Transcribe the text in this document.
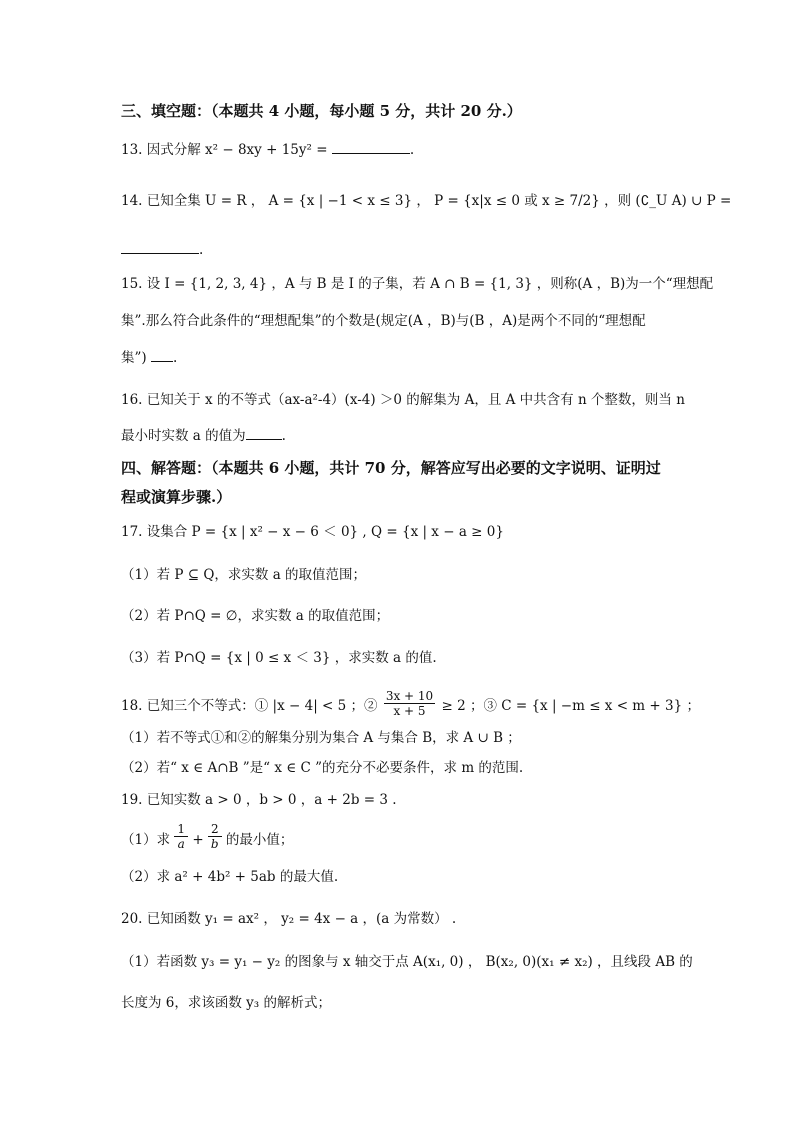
三、填空题：（本题共 4 小题，每小题 5 分，共计 20 分.）
13. 因式分解 x² − 8xy + 15y² =	.
14. 已知全集 U = R ， A = {x | −1 < x ≤ 3} ， P = {x|x ≤ 0 或 x ≥ 7/2} ，则 (∁_U A) ∪ P =
.
15. 设 I = {1, 2, 3, 4} ，A 与 B 是 I 的子集，若 A ∩ B = {1, 3} ，则称(A ，B)为一个“理想配
集”.那么符合此条件的“理想配集”的个数是(规定(A ，B)与(B ，A)是两个不同的“理想配
集”) .
16. 已知关于 x 的不等式（ax-a²-4）(x-4) ＞0 的解集为 A，且 A 中共含有 n 个整数，则当 n
最小时实数 a 的值为	.
四、解答题：（本题共 6 小题，共计 70 分，解答应写出必要的文字说明、证明过
程或演算步骤.）
17. 设集合 P = {x | x² − x − 6 ＜ 0} , Q = {x | x − a ≥ 0}
（1）若 P ⊆ Q，求实数 a 的取值范围；
（2）若 P∩Q = ∅，求实数 a 的取值范围；
（3）若 P∩Q = {x | 0 ≤ x ＜ 3} ，求实数 a 的值.
18. 已知三个不等式：① |x − 4| < 5 ；② $\frac{3x + 10}{x + 5} \ge 2$ ；③ C = {x | −m ≤ x < m + 3} ；
（1）若不等式①和②的解集分别为集合 A 与集合 B，求 A ∪ B ；
（2）若“ x ∈ A∩B ”是“ x ∈ C ”的充分不必要条件，求 m 的范围.
19. 已知实数 a > 0 ，b > 0 ，a + 2b = 3 .
（1）求 $\frac{1}{a} + \frac{2}{b}$ 的最小值；
（2）求 a² + 4b² + 5ab 的最大值.
20. 已知函数 y₁ = ax² ， y₂ = 4x − a ，(a 为常数） .
（1）若函数 y₃ = y₁ − y₂ 的图象与 x 轴交于点 A(x₁, 0) ， B(x₂, 0)(x₁ ≠ x₂) ，且线段 AB 的
长度为 6，求该函数 y₃ 的解析式；
